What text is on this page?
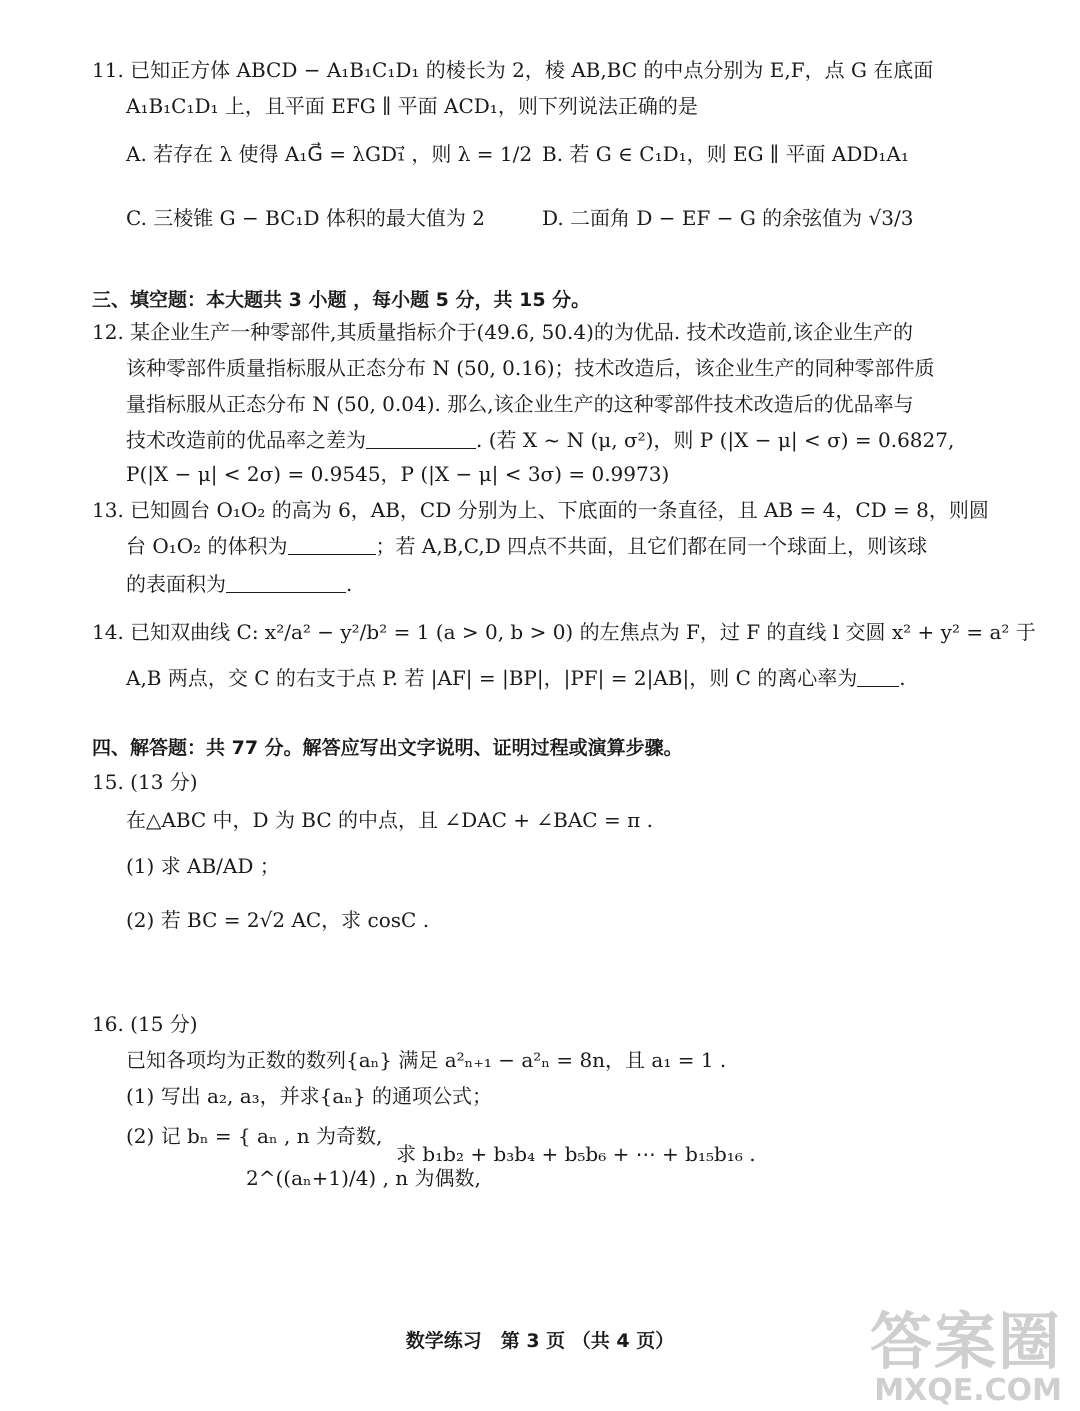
11. 已知正方体 ABCD − A₁B₁C₁D₁ 的棱长为 2，棱 AB,BC 的中点分别为 E,F，点 G 在底面
A₁B₁C₁D₁ 上，且平面 EFG ∥ 平面 ACD₁，则下列说法正确的是
A. 若存在 λ 使得 A₁G⃗ = λGD₁⃗ ，则 λ = 1/2 B. 若 G ∈ C₁D₁，则 EG ∥ 平面 ADD₁A₁
C. 三棱锥 G − BC₁D 体积的最大值为 2	D. 二面角 D − EF − G 的余弦值为 √3/3
三、填空题：本大题共 3 小题 ，每小题 5 分，共 15 分。
12. 某企业生产一种零部件,其质量指标介于(49.6, 50.4)的为优品. 技术改造前,该企业生产的
该种零部件质量指标服从正态分布 N (50, 0.16)；技术改造后，该企业生产的同种零部件质
量指标服从正态分布 N (50, 0.04). 那么,该企业生产的这种零部件技术改造后的优品率与
技术改造前的优品率之差为	. (若 X ~ N (μ, σ²)，则 P (|X − μ| < σ) = 0.6827,
P(|X − μ| < 2σ) = 0.9545，P (|X − μ| < 3σ) = 0.9973)
13. 已知圆台 O₁O₂ 的高为 6，AB，CD 分别为上、下底面的一条直径，且 AB = 4，CD = 8，则圆
台 O₁O₂ 的体积为	；若 A,B,C,D 四点不共面，且它们都在同一个球面上，则该球
的表面积为	.
14. 已知双曲线 C: x²/a² − y²/b² = 1 (a > 0, b > 0) 的左焦点为 F，过 F 的直线 l 交圆 x² + y² = a² 于
A,B 两点，交 C 的右支于点 P. 若 |AF| = |BP|，|PF| = 2|AB|，则 C 的离心率为 .
四、解答题：共 77 分。解答应写出文字说明、证明过程或演算步骤。
15. (13 分)
在△ABC 中，D 为 BC 的中点，且 ∠DAC + ∠BAC = π .
(1) 求 AB/AD ；
(2) 若 BC = 2√2 AC，求 cosC .
16. (15 分)
已知各项均为正数的数列{aₙ} 满足 a²ₙ₊₁ − a²ₙ = 8n，且 a₁ = 1 .
(1) 写出 a₂, a₃，并求{aₙ} 的通项公式；
(2) 记 bₙ = { aₙ , n 为奇数,
2^((aₙ+1)/4) , n 为偶数,
求 b₁b₂ + b₃b₄ + b₅b₆ + ⋯ + b₁₅b₁₆ .
数学练习　第 3 页 （共 4 页）	答案圈
MXQE.COM
